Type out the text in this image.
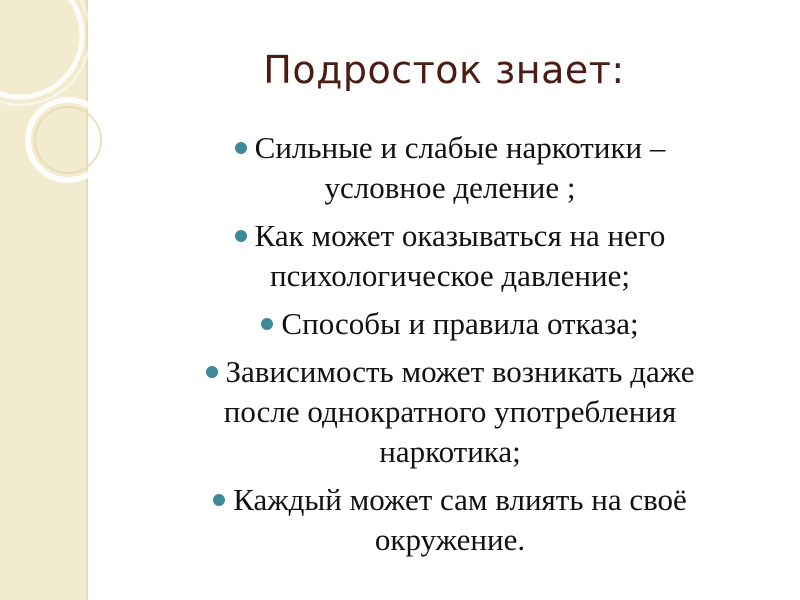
Подросток знает:
Сильные и слабые наркотики –
условное деление ;
Как может оказываться на него
психологическое давление;
Способы и правила отказа;
Зависимость может возникать даже
после однократного употребления
наркотика;
Каждый может сам влиять на своё
окружение.
